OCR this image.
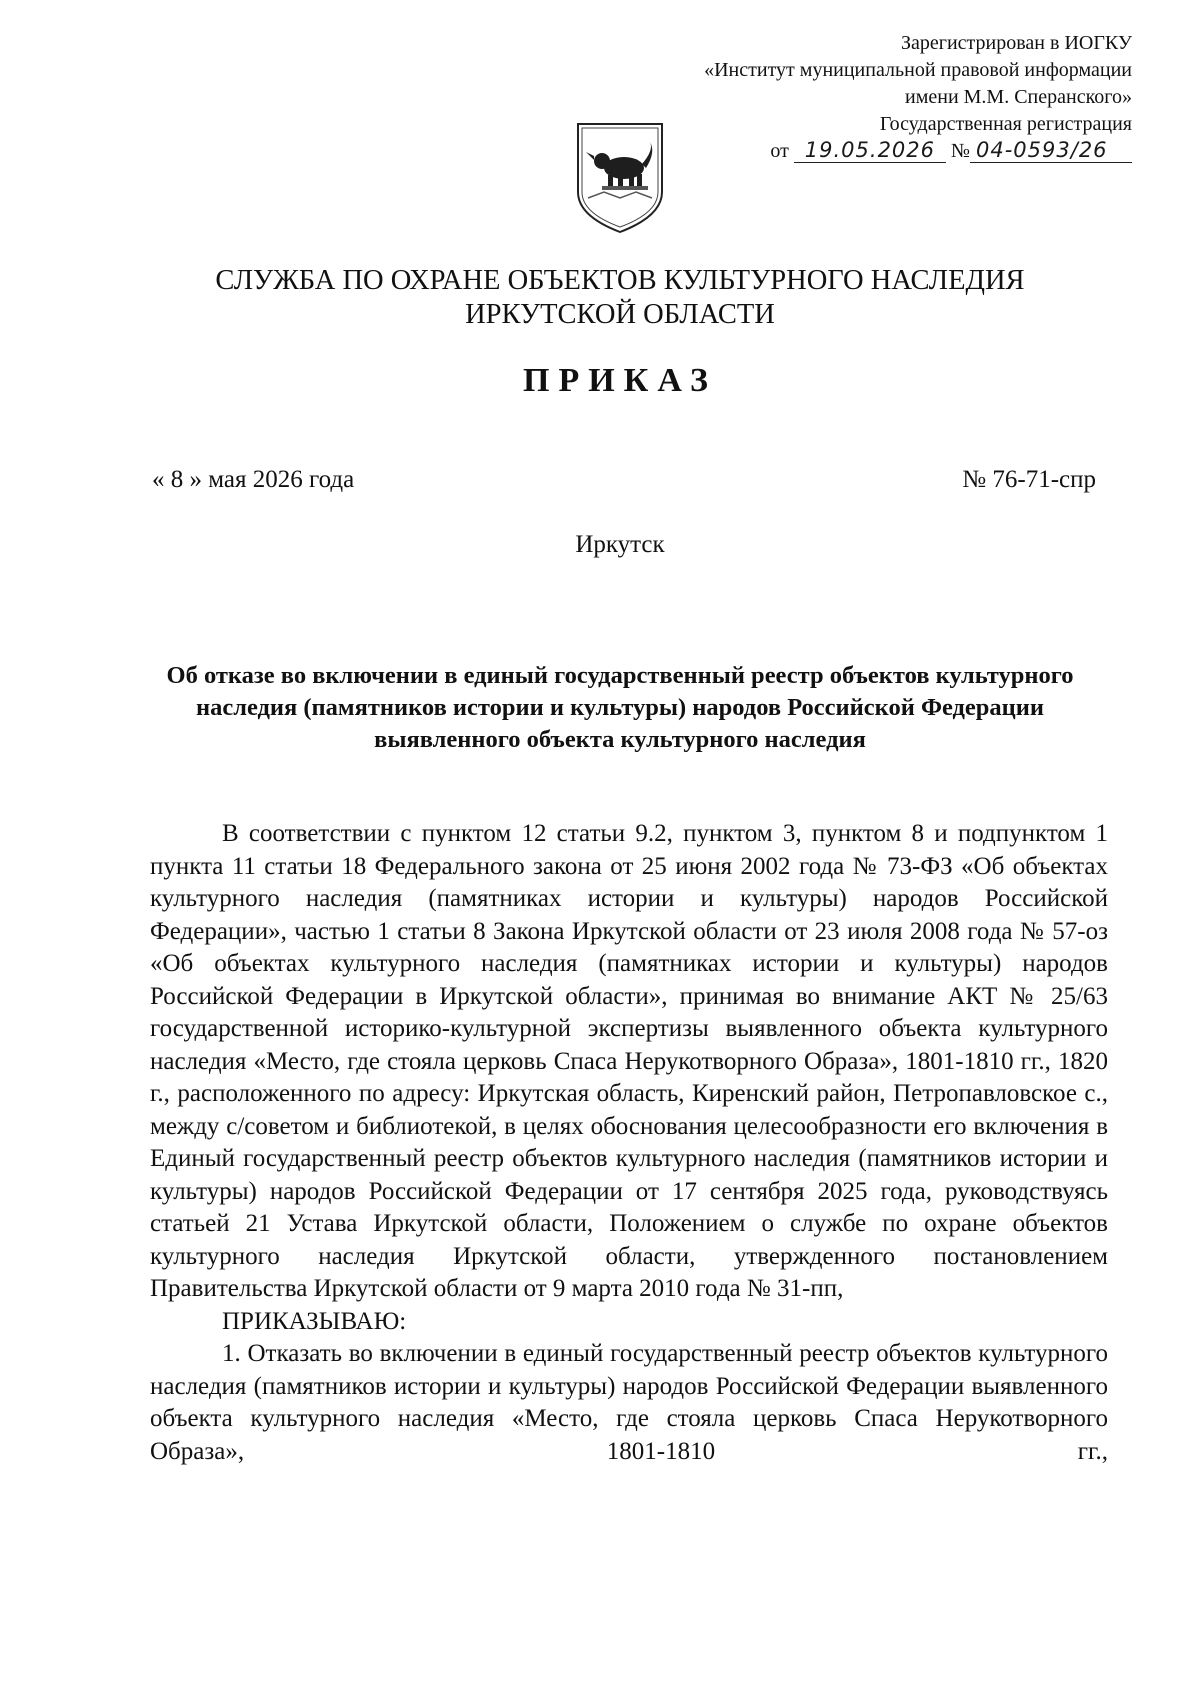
Зарегистрирован в ИОГКУ
«Институт муниципальной правовой информации
имени М.М. Сперанского»
Государственная регистрация
от 19.05.2026 № 04-0593/26
СЛУЖБА ПО ОХРАНЕ ОБЪЕКТОВ КУЛЬТУРНОГО НАСЛЕДИЯ
ИРКУТСКОЙ ОБЛАСТИ
ПРИКАЗ
« 8 » мая 2026 года	№ 76-71-спр
Иркутск
Об отказе во включении в единый государственный реестр объектов культурного наследия (памятников истории и культуры) народов Российской Федерации выявленного объекта культурного наследия

В соответствии с пунктом 12 статьи 9.2, пунктом 3, пунктом 8 и подпунктом 1 пункта 11 статьи 18 Федерального закона от 25 июня 2002 года № 73-ФЗ «Об объектах культурного наследия (памятниках истории и культуры) народов Российской Федерации», частью 1 статьи 8 Закона Иркутской области от 23 июля 2008 года № 57-оз «Об объектах культурного наследия (памятниках истории и культуры) народов Российской Федерации в Иркутской области», принимая во внимание АКТ № 25/63 государственной историко-культурной экспертизы выявленного объекта культурного наследия «Место, где стояла церковь Спаса Нерукотворного Образа», 1801-1810 гг., 1820 г., расположенного по адресу: Иркутская область, Киренский район, Петропавловское с., между с/советом и библиотекой, в целях обоснования целесообразности его включения в Единый государственный реестр объектов культурного наследия (памятников истории и культуры) народов Российской Федерации от 17 сентября 2025 года, руководствуясь статьей 21 Устава Иркутской области, Положением о службе по охране объектов культурного наследия Иркутской области, утвержденного постановлением Правительства Иркутской области от 9 марта 2010 года № 31-пп,

ПРИКАЗЫВАЮ:

1. Отказать во включении в единый государственный реестр объектов культурного наследия (памятников истории и культуры) народов Российской Федерации выявленного объекта культурного наследия «Место, где стояла церковь Спаса Нерукотворного Образа», 1801-1810 гг.,
